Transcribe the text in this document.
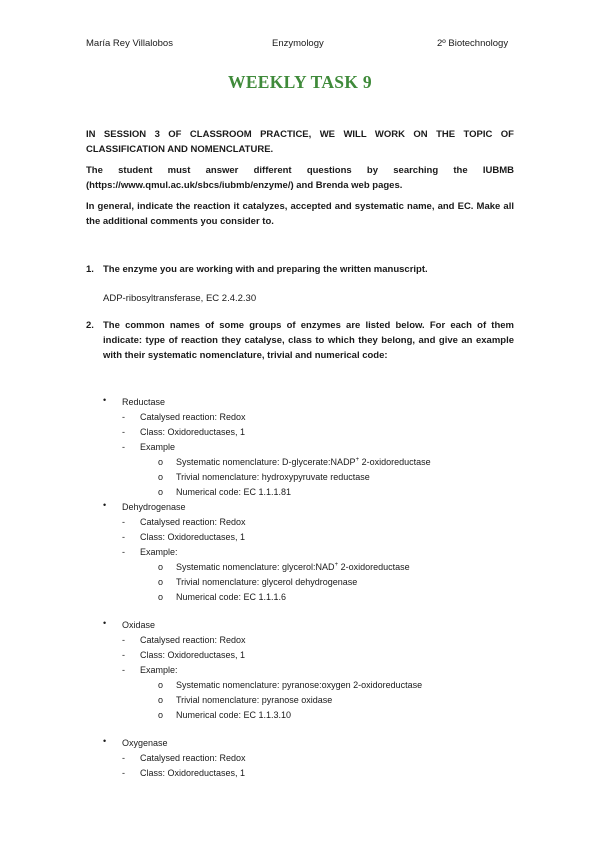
María Rey Villalobos	Enzymology	2º Biotechnology
WEEKLY TASK 9
IN SESSION 3 OF CLASSROOM PRACTICE, WE WILL WORK ON THE TOPIC OF CLASSIFICATION AND NOMENCLATURE.
The student must answer different questions by searching the IUBMB (https://www.qmul.ac.uk/sbcs/iubmb/enzyme/) and Brenda web pages.
In general, indicate the reaction it catalyzes, accepted and systematic name, and EC. Make all the additional comments you consider to.
1. The enzyme you are working with and preparing the written manuscript.
ADP-ribosyltransferase, EC 2.4.2.30
2. The common names of some groups of enzymes are listed below. For each of them indicate: type of reaction they catalyse, class to which they belong, and give an example with their systematic nomenclature, trivial and numerical code:
• Reductase
- Catalysed reaction: Redox
- Class: Oxidoreductases, 1
- Example
o Systematic nomenclature: D-glycerate:NADP+ 2-oxidoreductase
o Trivial nomenclature: hydroxypyruvate reductase
o Numerical code: EC 1.1.1.81
• Dehydrogenase
- Catalysed reaction: Redox
- Class: Oxidoreductases, 1
- Example:
o Systematic nomenclature: glycerol:NAD+ 2-oxidoreductase
o Trivial nomenclature: glycerol dehydrogenase
o Numerical code: EC 1.1.1.6
• Oxidase
- Catalysed reaction: Redox
- Class: Oxidoreductases, 1
- Example:
o Systematic nomenclature: pyranose:oxygen 2-oxidoreductase
o Trivial nomenclature: pyranose oxidase
o Numerical code: EC 1.1.3.10
• Oxygenase
- Catalysed reaction: Redox
- Class: Oxidoreductases, 1
